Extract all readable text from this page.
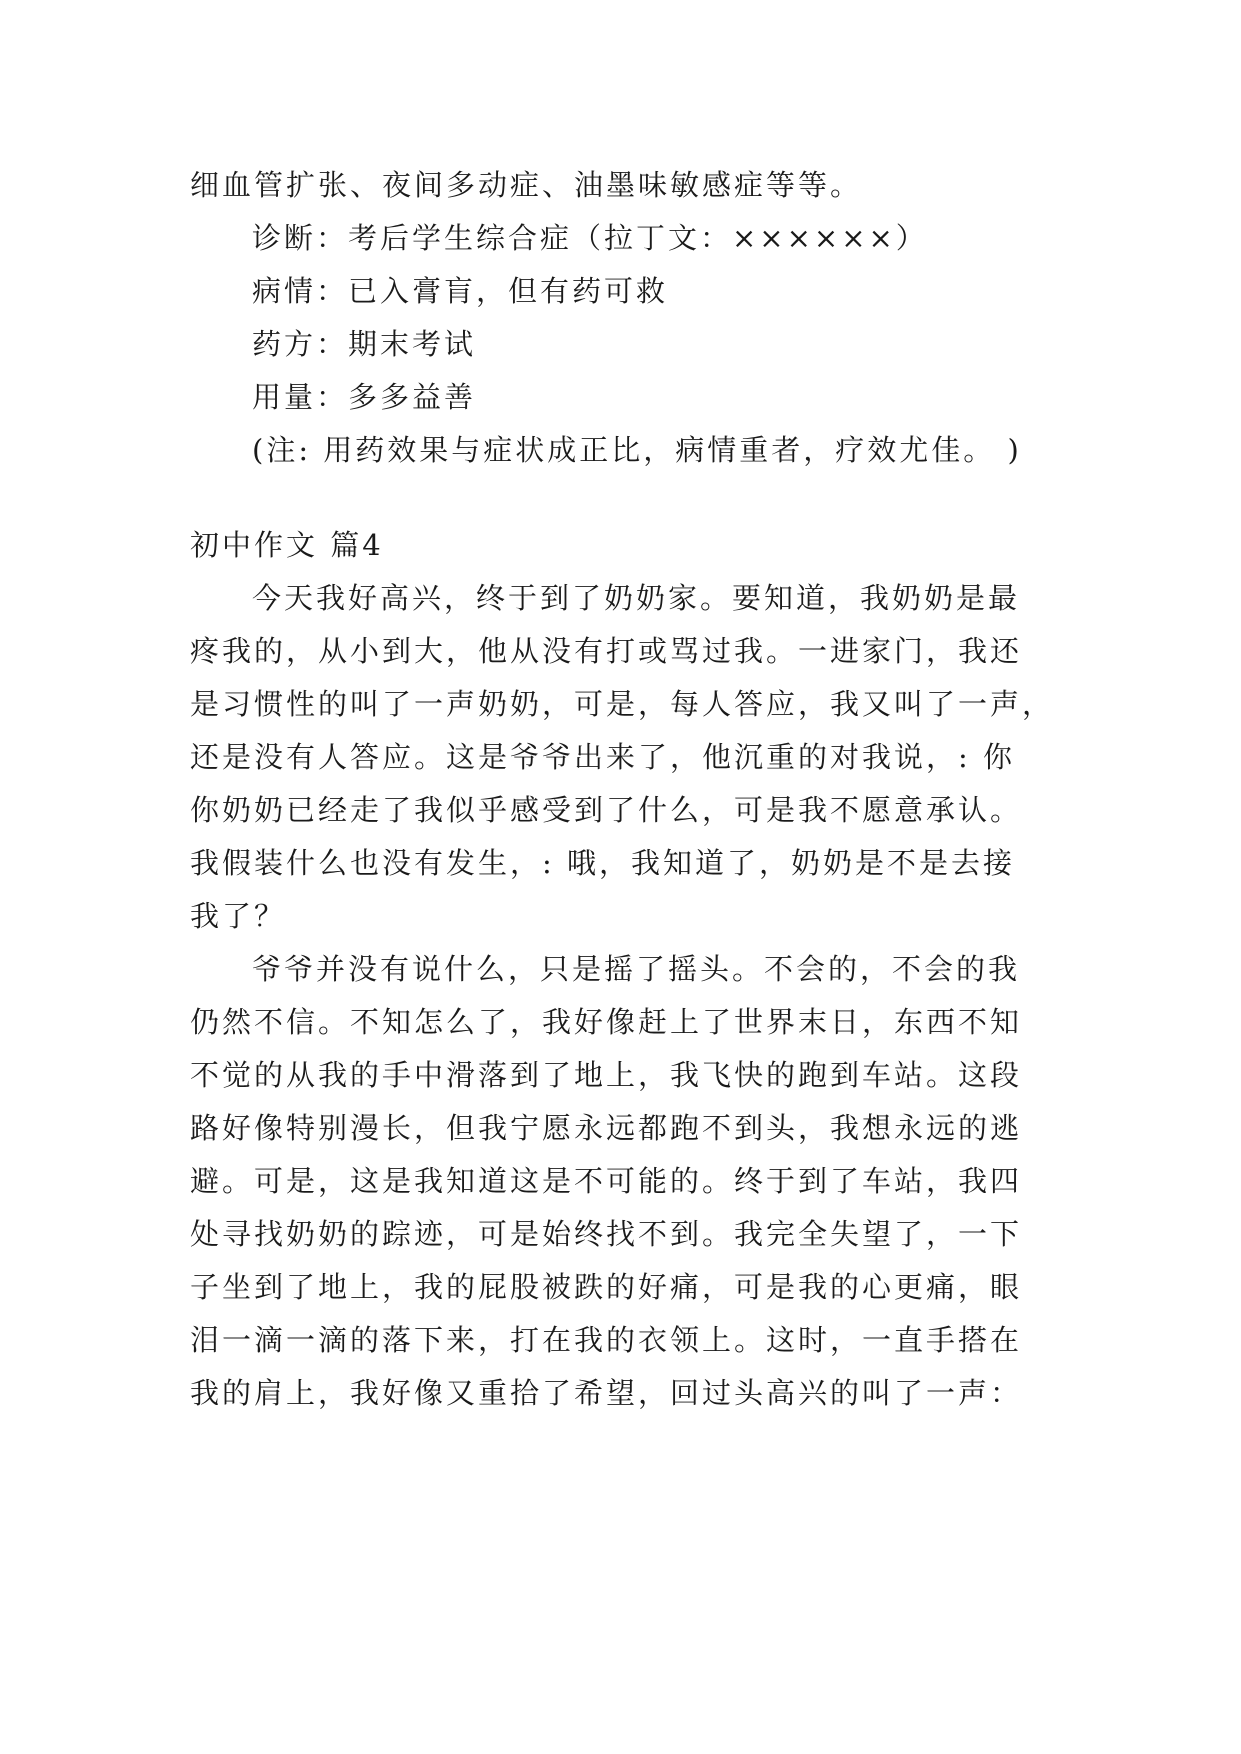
细血管扩张、夜间多动症、油墨味敏感症等等。
诊断：考后学生综合症（拉丁文：××××××）
病情：已入膏肓，但有药可救
药方：期末考试
用量：多多益善
(注: 用药效果与症状成正比，病情重者，疗效尤佳。 )
初中作文 篇4
今天我好高兴，终于到了奶奶家。要知道，我奶奶是最
疼我的，从小到大，他从没有打或骂过我。一进家门，我还
是习惯性的叫了一声奶奶，可是，每人答应，我又叫了一声，
还是没有人答应。这是爷爷出来了，他沉重的对我说，: 你
你奶奶已经走了我似乎感受到了什么，可是我不愿意承认。
我假装什么也没有发生，: 哦，我知道了，奶奶是不是去接
我了？
爷爷并没有说什么，只是摇了摇头。不会的，不会的我
仍然不信。不知怎么了，我好像赶上了世界末日，东西不知
不觉的从我的手中滑落到了地上，我飞快的跑到车站。这段
路好像特别漫长，但我宁愿永远都跑不到头，我想永远的逃
避。可是，这是我知道这是不可能的。终于到了车站，我四
处寻找奶奶的踪迹，可是始终找不到。我完全失望了，一下
子坐到了地上，我的屁股被跌的好痛，可是我的心更痛，眼
泪一滴一滴的落下来，打在我的衣领上。这时，一直手搭在
我的肩上，我好像又重拾了希望，回过头高兴的叫了一声：
